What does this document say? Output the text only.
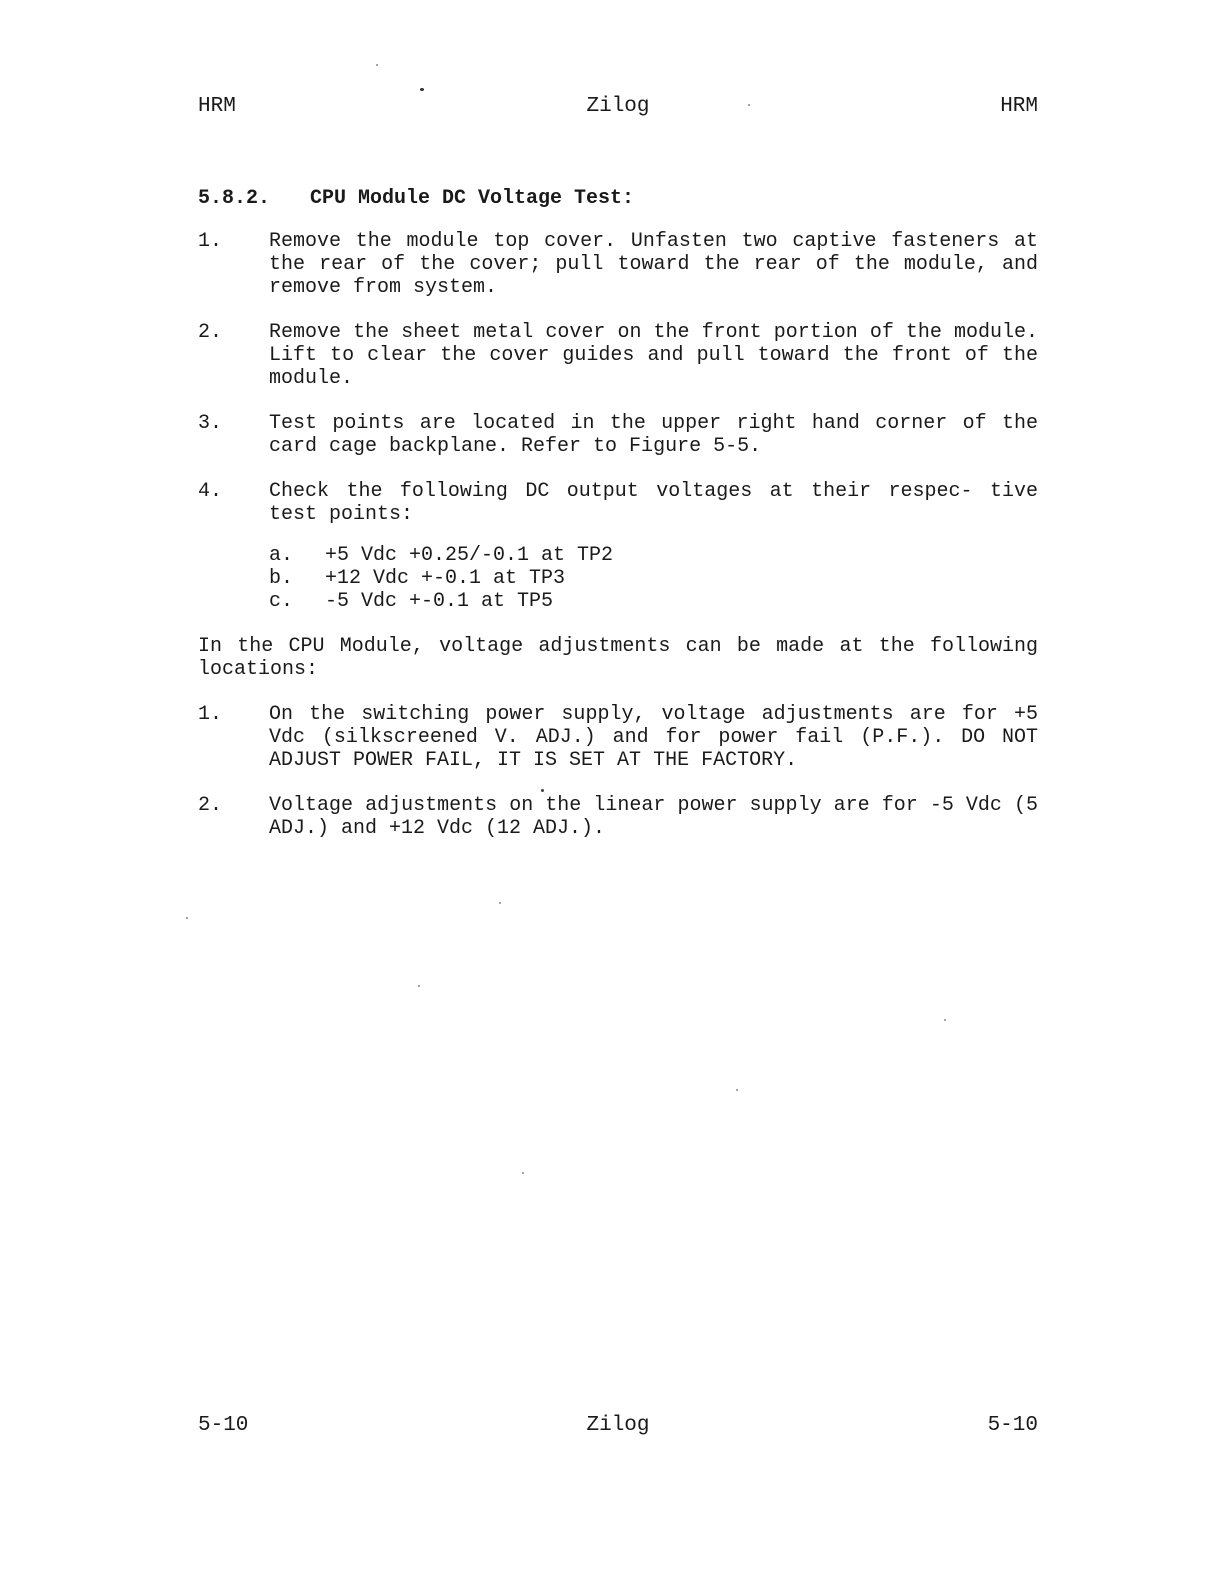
HRM	Zilog	HRM
5.8.2. CPU Module DC Voltage Test:
1.	Remove the module top cover. Unfasten two captive fasteners at the rear of the cover; pull toward the rear of the module, and remove from system.
2.	Remove the sheet metal cover on the front portion of the module. Lift to clear the cover guides and pull toward the front of the module.
3.	Test points are located in the upper right hand corner of the card cage backplane. Refer to Figure 5-5.
4.	Check the following DC output voltages at their respec- tive test points:
a.	+5 Vdc +0.25/-0.1 at TP2
b.	+12 Vdc +-0.1 at TP3
c.	-5 Vdc +-0.1 at TP5
In the CPU Module, voltage adjustments can be made at the following locations:
1.	On the switching power supply, voltage adjustments are for +5 Vdc (silkscreened V. ADJ.) and for power fail (P.F.). DO NOT ADJUST POWER FAIL, IT IS SET AT THE FACTORY.
2.	Voltage adjustments on the linear power supply are for -5 Vdc (5 ADJ.) and +12 Vdc (12 ADJ.).
5-10	Zilog	5-10
